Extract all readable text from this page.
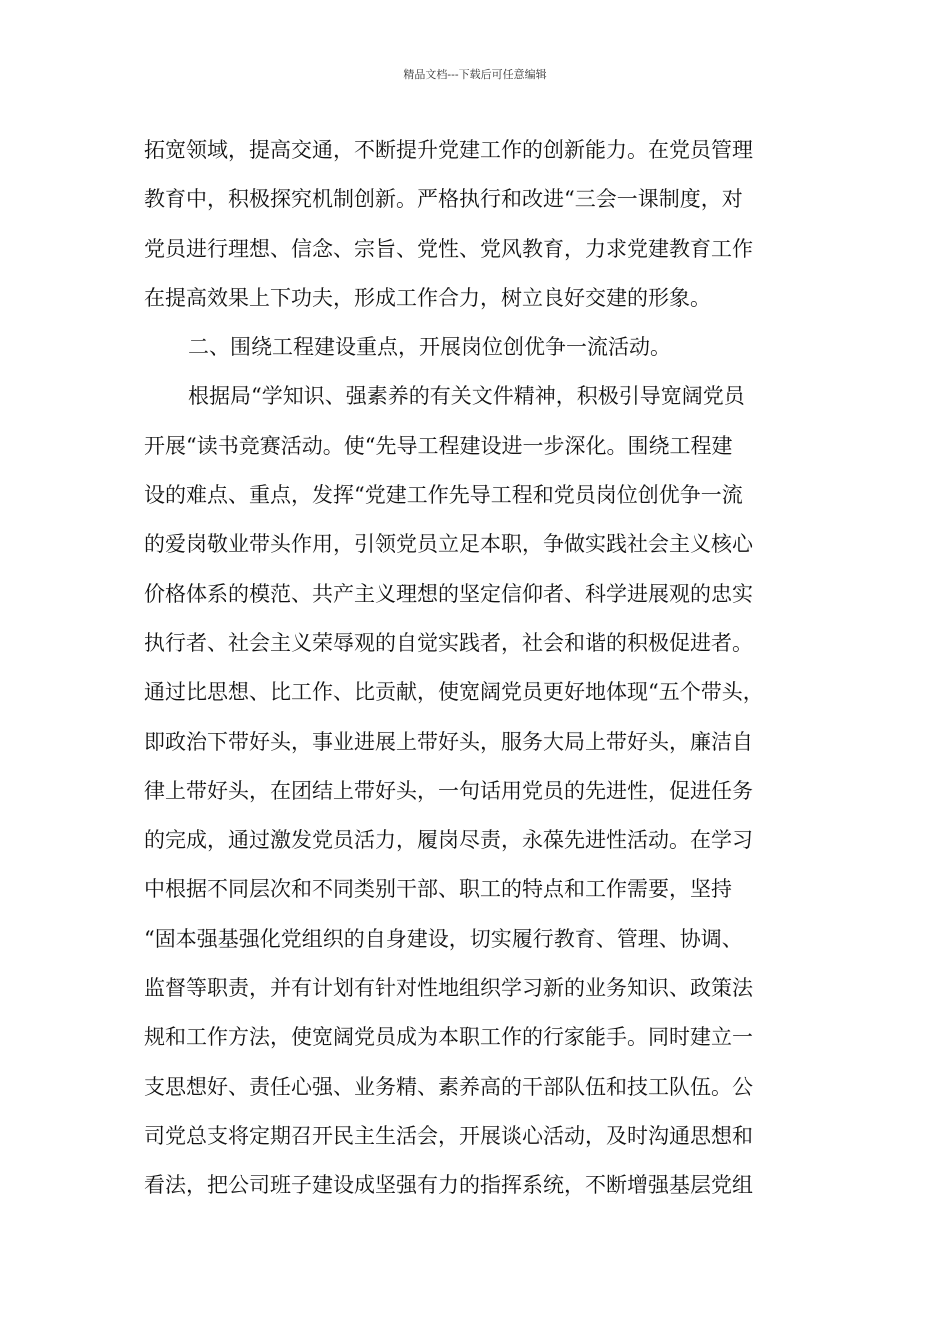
精品文档---下载后可任意编辑
拓宽领域，提高交通，不断提升党建工作的创新能力。在党员管理
教育中，积极探究机制创新。严格执行和改进“三会一课制度，对
党员进行理想、信念、宗旨、党性、党风教育，力求党建教育工作
在提高效果上下功夫，形成工作合力，树立良好交建的形象。
二、围绕工程建设重点，开展岗位创优争一流活动。
根据局“学知识、强素养的有关文件精神，积极引导宽阔党员
开展“读书竞赛活动。使“先导工程建设进一步深化。围绕工程建
设的难点、重点，发挥“党建工作先导工程和党员岗位创优争一流
的爱岗敬业带头作用，引领党员立足本职，争做实践社会主义核心
价格体系的模范、共产主义理想的坚定信仰者、科学进展观的忠实
执行者、社会主义荣辱观的自觉实践者，社会和谐的积极促进者。
通过比思想、比工作、比贡献，使宽阔党员更好地体现“五个带头，
即政治下带好头，事业进展上带好头，服务大局上带好头，廉洁自
律上带好头，在团结上带好头，一句话用党员的先进性，促进任务
的完成，通过激发党员活力，履岗尽责，永葆先进性活动。在学习
中根据不同层次和不同类别干部、职工的特点和工作需要，坚持
“固本强基强化党组织的自身建设，切实履行教育、管理、协调、
监督等职责，并有计划有针对性地组织学习新的业务知识、政策法
规和工作方法，使宽阔党员成为本职工作的行家能手。同时建立一
支思想好、责任心强、业务精、素养高的干部队伍和技工队伍。公
司党总支将定期召开民主生活会，开展谈心活动，及时沟通思想和
看法，把公司班子建设成坚强有力的指挥系统，不断增强基层党组
